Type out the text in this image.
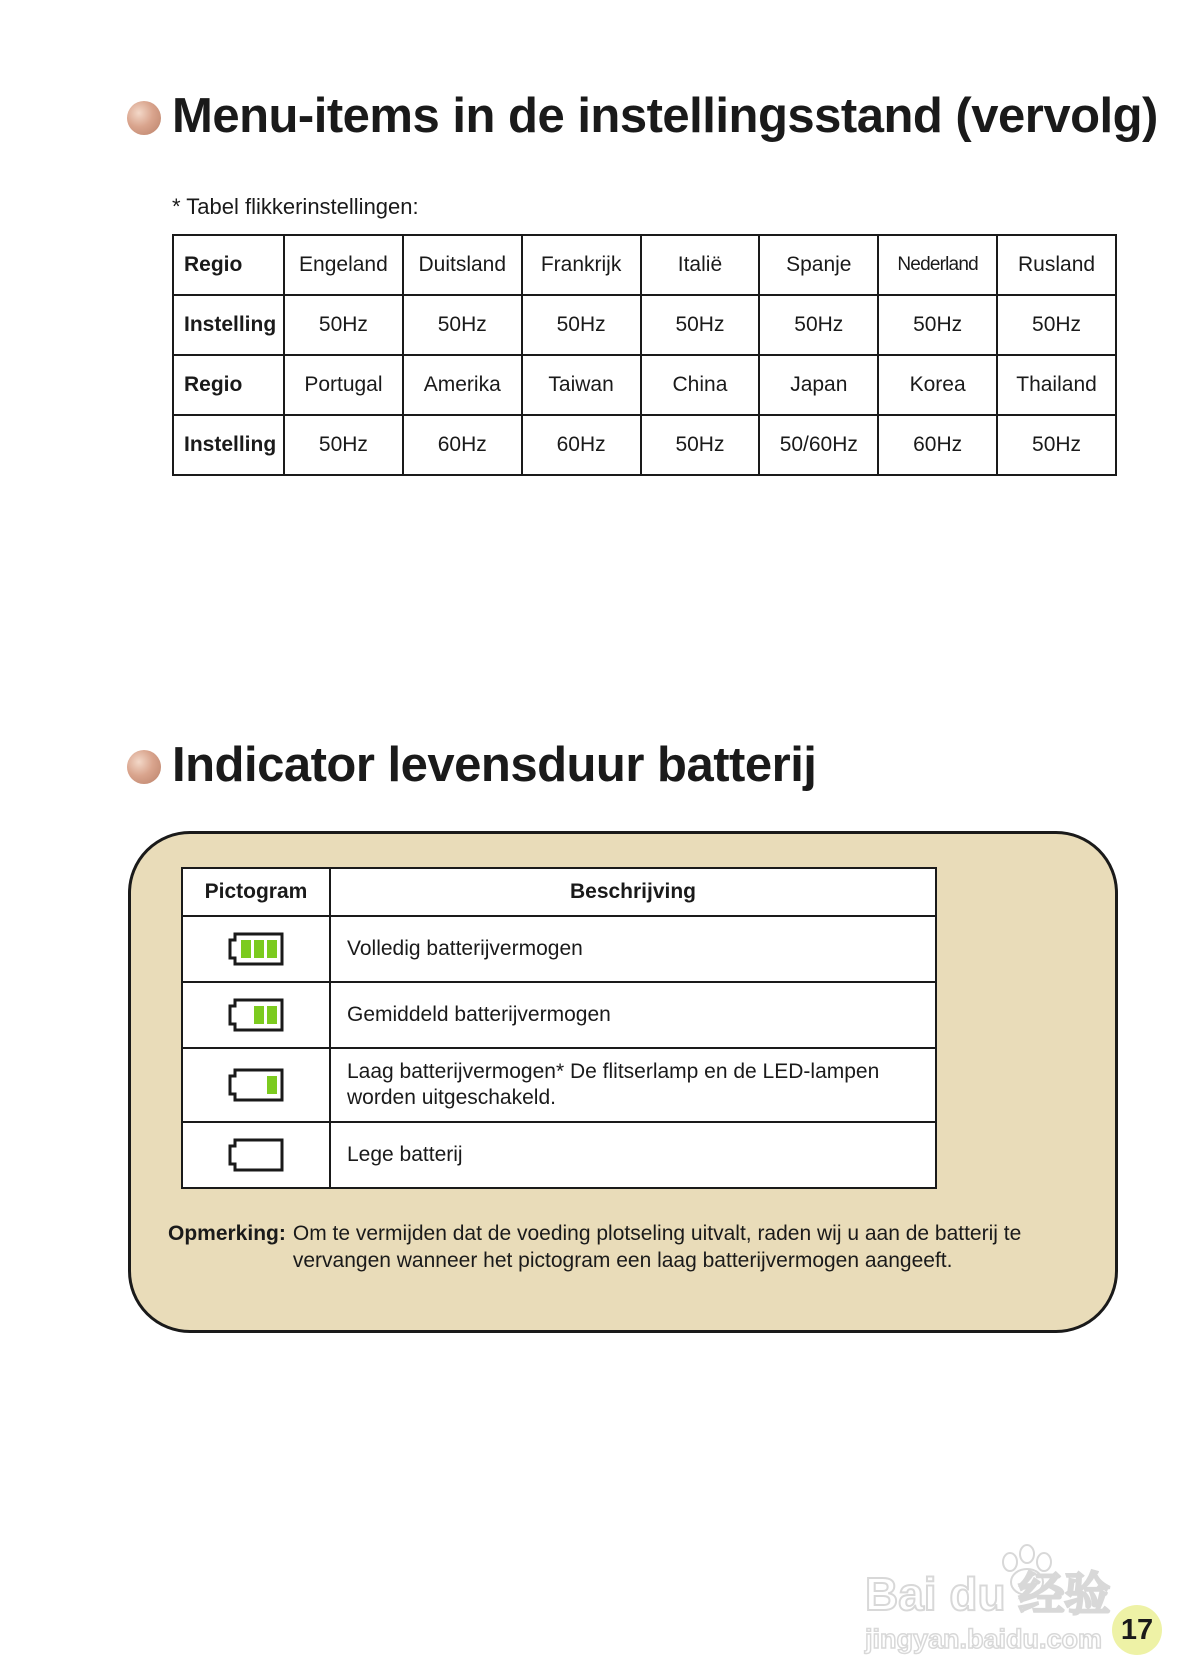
Menu-items in de instellingsstand (vervolg)
* Tabel flikkerinstellingen:
Regio	Engeland	Duitsland	Frankrijk	Italië	Spanje	Nederland	Rusland
Instelling	50Hz	50Hz	50Hz	50Hz	50Hz	50Hz	50Hz
Regio	Portugal	Amerika	Taiwan	China	Japan	Korea	Thailand
Instelling	50Hz	60Hz	60Hz	50Hz	50/60Hz	60Hz	50Hz
Indicator levensduur batterij
Pictogram	Beschrijving
	Volledig batterijvermogen
	Gemiddeld batterijvermogen
	Laag batterijvermogen* De flitserlamp en de LED-lampen worden uitgeschakeld.
	Lege batterij
Opmerking: Om te vermijden dat de voeding plotseling uitvalt, raden wij u aan de batterij te vervangen wanneer het pictogram een laag batterijvermogen aangeeft.
Bai du 经验
jingyan.baidu.com 17
